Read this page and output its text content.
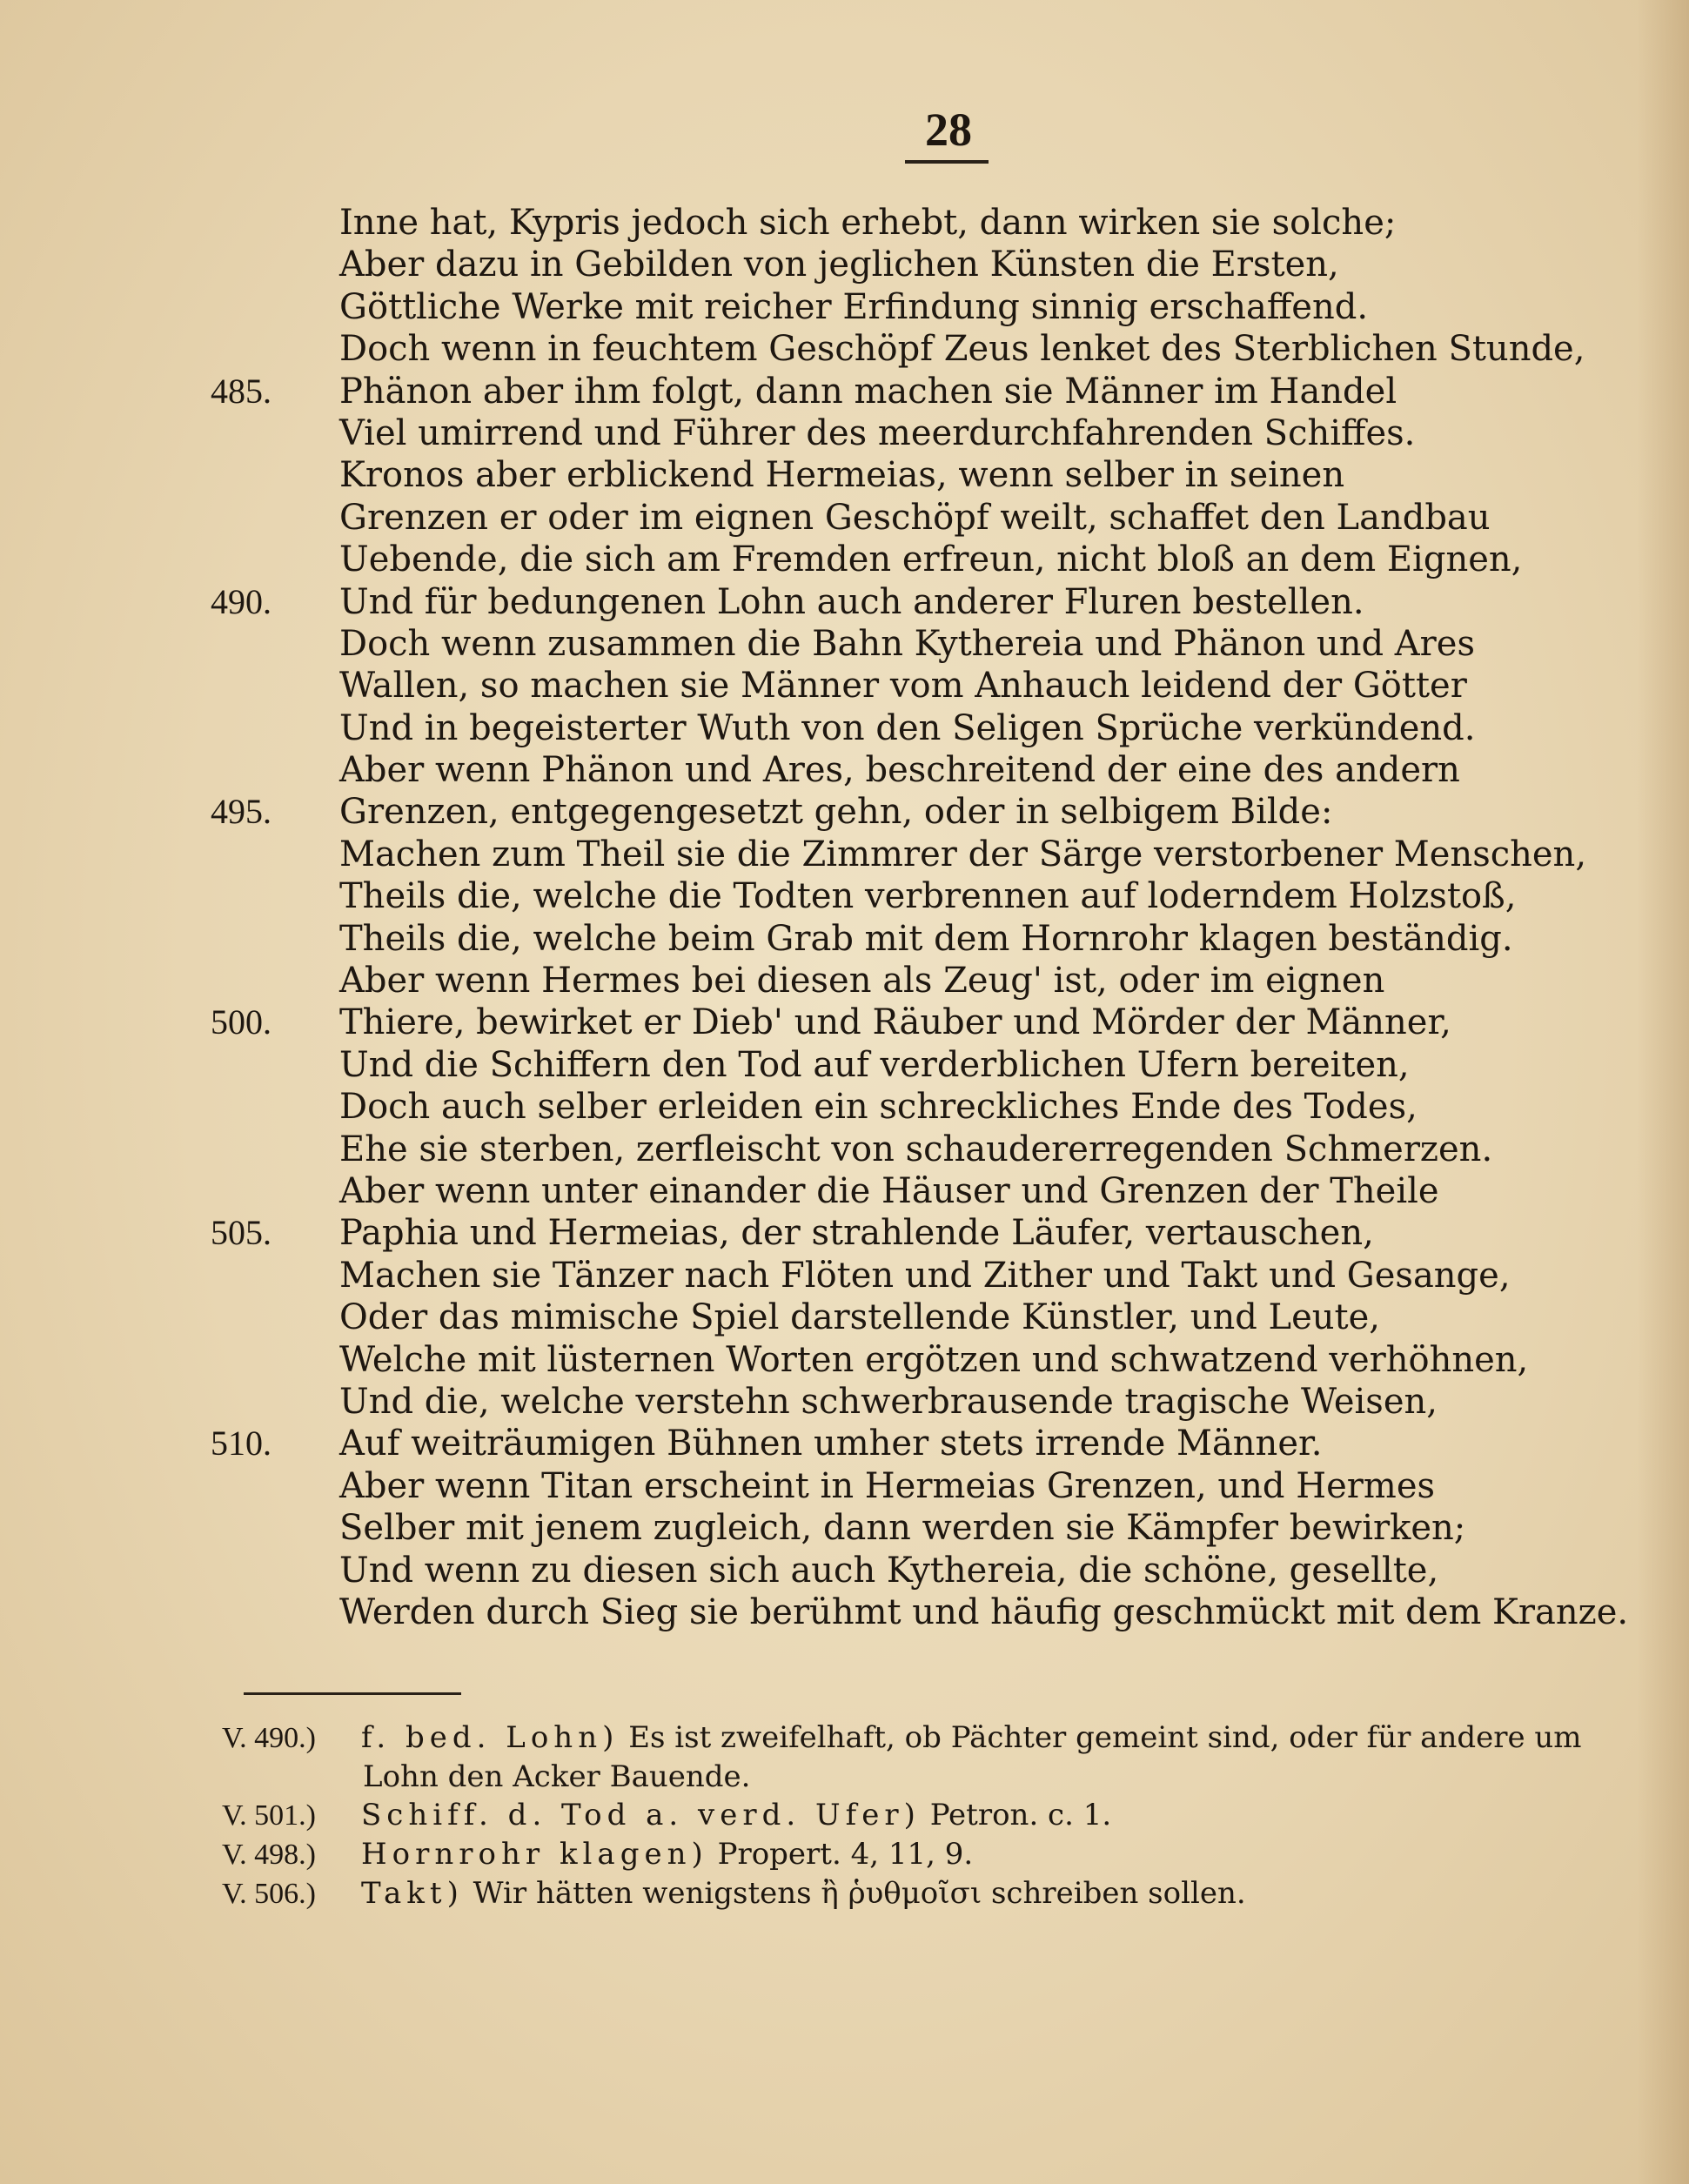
28
Inne hat, Kypris jedoch sich erhebt, dann wirken sie solche;
Aber dazu in Gebilden von jeglichen Künsten die Ersten,
Göttliche Werke mit reicher Erfindung sinnig erschaffend.
Doch wenn in feuchtem Geschöpf Zeus lenket des Sterblichen Stunde,
485.	Phänon aber ihm folgt, dann machen sie Männer im Handel
Viel umirrend und Führer des meerdurchfahrenden Schiffes.
Kronos aber erblickend Hermeias, wenn selber in seinen
Grenzen er oder im eignen Geschöpf weilt, schaffet den Landbau
Uebende, die sich am Fremden erfreun, nicht bloß an dem Eignen,
490.	Und für bedungenen Lohn auch anderer Fluren bestellen.
Doch wenn zusammen die Bahn Kythereia und Phänon und Ares
Wallen, so machen sie Männer vom Anhauch leidend der Götter
Und in begeisterter Wuth von den Seligen Sprüche verkündend.
Aber wenn Phänon und Ares, beschreitend der eine des andern
495.	Grenzen, entgegengesetzt gehn, oder in selbigem Bilde:
Machen zum Theil sie die Zimmrer der Särge verstorbener Menschen,
Theils die, welche die Todten verbrennen auf loderndem Holzstoß,
Theils die, welche beim Grab mit dem Hornrohr klagen beständig.
Aber wenn Hermes bei diesen als Zeug' ist, oder im eignen
500.	Thiere, bewirket er Dieb' und Räuber und Mörder der Männer,
Und die Schiffern den Tod auf verderblichen Ufern bereiten,
Doch auch selber erleiden ein schreckliches Ende des Todes,
Ehe sie sterben, zerfleischt von schaudererregenden Schmerzen.
Aber wenn unter einander die Häuser und Grenzen der Theile
505.	Paphia und Hermeias, der strahlende Läufer, vertauschen,
Machen sie Tänzer nach Flöten und Zither und Takt und Gesange,
Oder das mimische Spiel darstellende Künstler, und Leute,
Welche mit lüsternen Worten ergötzen und schwatzend verhöhnen,
Und die, welche verstehn schwerbrausende tragische Weisen,
510.	Auf weiträumigen Bühnen umher stets irrende Männer.
Aber wenn Titan erscheint in Hermeias Grenzen, und Hermes
Selber mit jenem zugleich, dann werden sie Kämpfer bewirken;
Und wenn zu diesen sich auch Kythereia, die schöne, gesellte,
Werden durch Sieg sie berühmt und häufig geschmückt mit dem Kranze.
V. 490.) f. bed. Lohn) Es ist zweifelhaft, ob Pächter gemeint sind, oder für andere um
Lohn den Acker Bauende.
V. 501.) Schiff. d. Tod a. verd. Ufer) Petron. c. 1.
V. 498.) Hornrohr klagen) Propert. 4, 11, 9.
V. 506.) Takt) Wir hätten wenigstens ἢ ῥυθμοῖσι schreiben sollen.
